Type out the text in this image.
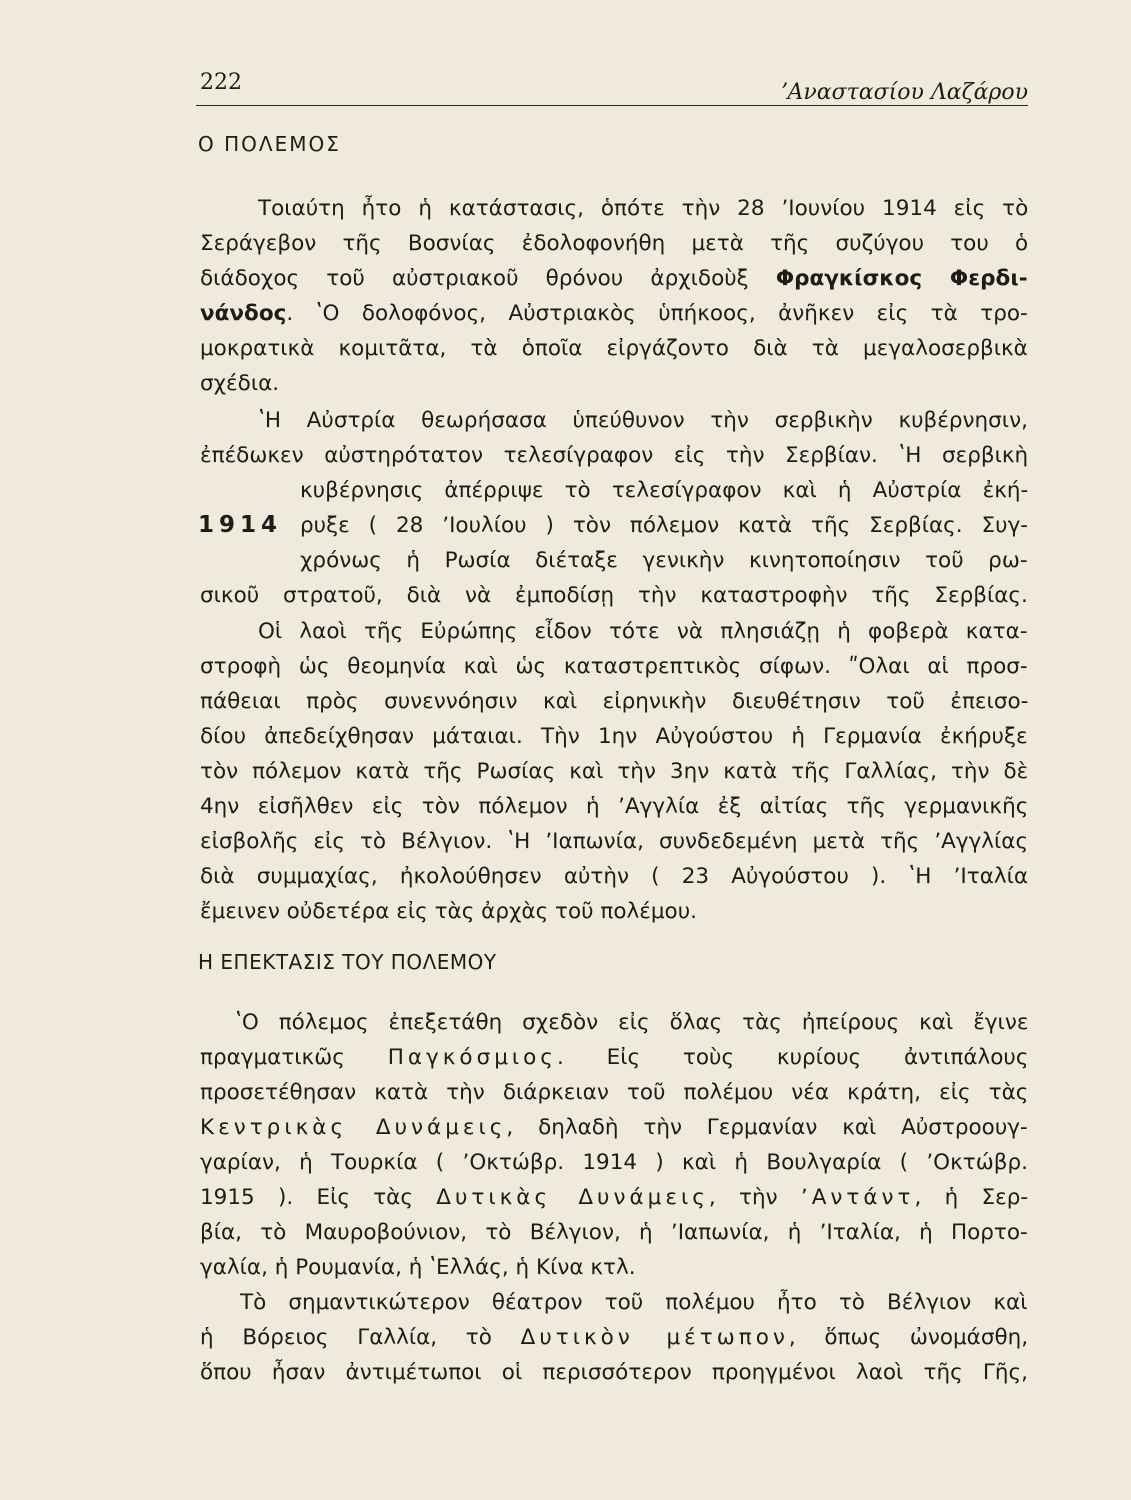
222	ʼΑναστασίου Λαζάρου
Ο ΠΟΛΕΜΟΣ
Τοιαύτη ἦτο ἡ κατάστασις, ὁπότε τὴν 28 ʼΙουνίου 1914 εἰς τὸ
Σεράγεβον τῆς Βοσνίας ἐδολοφονήθη μετὰ τῆς συζύγου του ὁ
διάδοχος τοῦ αὐστριακοῦ θρόνου ἀρχιδοὺξ Φραγκίσκος Φερδι-
νάνδος. ʽΟ δολοφόνος, Αὐστριακὸς ὑπήκοος, ἀνῆκεν εἰς τὰ τρο-
μοκρατικὰ κομιτᾶτα, τὰ ὁποῖα εἰργάζοντο διὰ τὰ μεγαλοσερβικὰ
σχέδια.
ʽΗ Αὐστρία θεωρήσασα ὑπεύθυνον τὴν σερβικὴν κυβέρνησιν,
ἐπέδωκεν αὐστηρότατον τελεσίγραφον εἰς τὴν Σερβίαν. ʽΗ σερβικὴ
κυβέρνησις ἀπέρριψε τὸ τελεσίγραφον καὶ ἡ Αὐστρία ἐκή-
1914 ρυξε ( 28 ʼΙουλίου ) τὸν πόλεμον κατὰ τῆς Σερβίας. Συγ-
χρόνως ἡ Ρωσία διέταξε γενικὴν κινητοποίησιν τοῦ ρω-
σικοῦ στρατοῦ, διὰ νὰ ἐμποδίσῃ τὴν καταστροφὴν τῆς Σερβίας.
Οἱ λαοὶ τῆς Εὐρώπης εἶδον τότε νὰ πλησιάζῃ ἡ φοβερὰ κατα-
στροφὴ ὡς θεομηνία καὶ ὡς καταστρεπτικὸς σίφων. ʺΟλαι αἱ προσ-
πάθειαι πρὸς συνεννόησιν καὶ εἰρηνικὴν διευθέτησιν τοῦ ἐπεισο-
δίου ἀπεδείχθησαν μάταιαι. Τὴν 1ην Αὐγούστου ἡ Γερμανία ἐκήρυξε
τὸν πόλεμον κατὰ τῆς Ρωσίας καὶ τὴν 3ην κατὰ τῆς Γαλλίας, τὴν δὲ
4ην εἰσῆλθεν εἰς τὸν πόλεμον ἡ ʼΑγγλία ἐξ αἰτίας τῆς γερμανικῆς
εἰσβολῆς εἰς τὸ Βέλγιον. ʽΗ ʼΙαπωνία, συνδεδεμένη μετὰ τῆς ʼΑγγλίας
διὰ συμμαχίας, ἠκολούθησεν αὐτὴν ( 23 Αὐγούστου ). ʽΗ ʼΙταλία
ἔμεινεν οὐδετέρα εἰς τὰς ἀρχὰς τοῦ πολέμου.
Η ΕΠΕΚΤΑΣΙΣ ΤΟΥ ΠΟΛΕΜΟΥ
ʽΟ πόλεμος ἐπεξετάθη σχεδὸν εἰς ὅλας τὰς ἠπείρους καὶ ἔγινε
πραγματικῶς Παγκόσμιος. Εἰς τοὺς κυρίους ἀντιπάλους
προσετέθησαν κατὰ τὴν διάρκειαν τοῦ πολέμου νέα κράτη, εἰς τὰς
Κεντρικὰς Δυνάμεις, δηλαδὴ τὴν Γερμανίαν καὶ Αὐστροουγ-
γαρίαν, ἡ Τουρκία ( ʼΟκτώβρ. 1914 ) καὶ ἡ Βουλγαρία ( ʼΟκτώβρ.
1915 ). Εἰς τὰς Δυτικὰς Δυνάμεις, τὴν ʼΑντάντ, ἡ Σερ-
βία, τὸ Μαυροβούνιον, τὸ Βέλγιον, ἡ ʼΙαπωνία, ἡ ʼΙταλία, ἡ Πορτο-
γαλία, ἡ Ρουμανία, ἡ ʽΕλλάς, ἡ Κίνα κτλ.
Τὸ σημαντικώτερον θέατρον τοῦ πολέμου ἦτο τὸ Βέλγιον καὶ
ἡ Βόρειος Γαλλία, τὸ Δυτικὸν μέτωπον, ὅπως ὠνομάσθη,
ὅπου ἦσαν ἀντιμέτωποι οἱ περισσότερον προηγμένοι λαοὶ τῆς Γῆς,
